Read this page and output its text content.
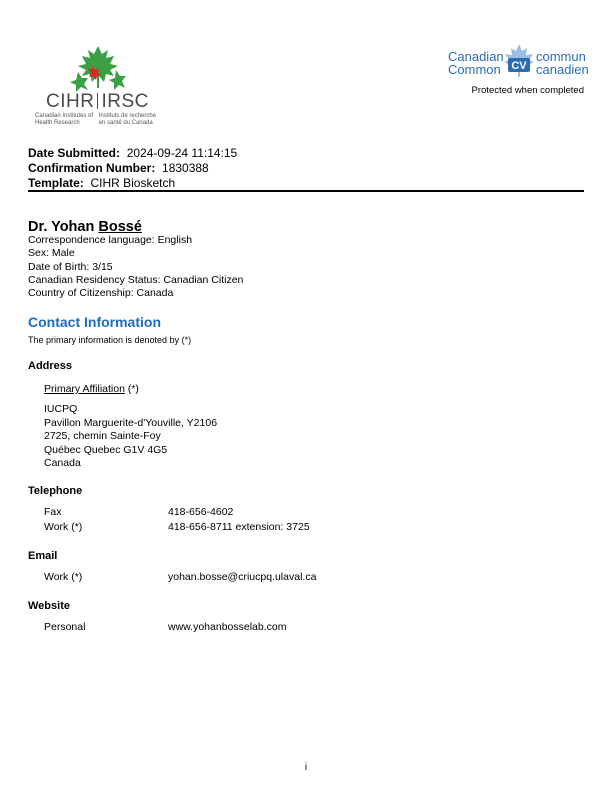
CIHR IRSC
Canadian Institutes of Health Research Instituts de recherche en santé du Canada
Canadian
Common CV
commun
canadien
Protected when completed
Date Submitted: 2024-09-24 11:14:15
Confirmation Number: 1830388
Template: CIHR Biosketch
Dr. Yohan Bossé
Correspondence language: English
Sex: Male
Date of Birth: 3/15
Canadian Residency Status: Canadian Citizen
Country of Citizenship: Canada
Contact Information
The primary information is denoted by (*)
Address
Primary Affiliation (*)
IUCPQ
Pavillon Marguerite-d'Youville, Y2106
2725, chemin Sainte-Foy
Québec Quebec G1V 4G5
Canada
Telephone
Fax	418-656-4602
Work (*)	418-656-8711 extension: 3725
Email
Work (*)	yohan.bosse@criucpq.ulaval.ca
Website
Personal	www.yohanbosselab.com
i
